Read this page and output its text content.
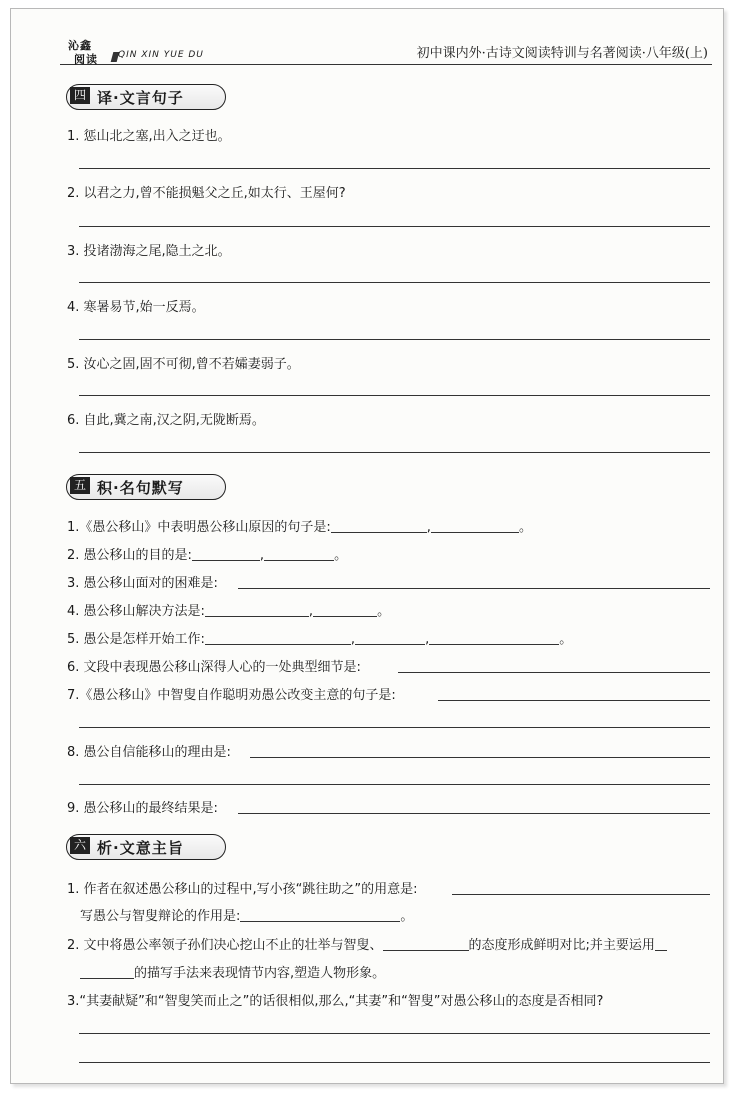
沁鑫
阅读 QIN XIN YUE DU	初中课内外·古诗文阅读特训与名著阅读·八年级(上)
四 译·文言句子
1. 惩山北之塞,出入之迂也。
2. 以君之力,曾不能损魁父之丘,如太行、王屋何?
3. 投诸渤海之尾,隐土之北。
4. 寒暑易节,始一反焉。
5. 汝心之固,固不可彻,曾不若孀妻弱子。
6. 自此,冀之南,汉之阴,无陇断焉。
五 积·名句默写
1.《愚公移山》中表明愚公移山原因的句子是:	,	。
2. 愚公移山的目的是:	,	。
3. 愚公移山面对的困难是:
4. 愚公移山解决方法是:	,	。
5. 愚公是怎样开始工作:	,	,	。
6. 文段中表现愚公移山深得人心的一处典型细节是:
7.《愚公移山》中智叟自作聪明劝愚公改变主意的句子是:
8. 愚公自信能移山的理由是:
9. 愚公移山的最终结果是:
六 析·文意主旨
1. 作者在叙述愚公移山的过程中,写小孩“跳往助之”的用意是:
写愚公与智叟辩论的作用是:	。
2. 文中将愚公率领子孙们决心挖山不止的壮举与智叟、	的态度形成鲜明对比;并主要运用
的描写手法来表现情节内容,塑造人物形象。
3.“其妻献疑”和“智叟笑而止之”的话很相似,那么,“其妻”和“智叟”对愚公移山的态度是否相同?
